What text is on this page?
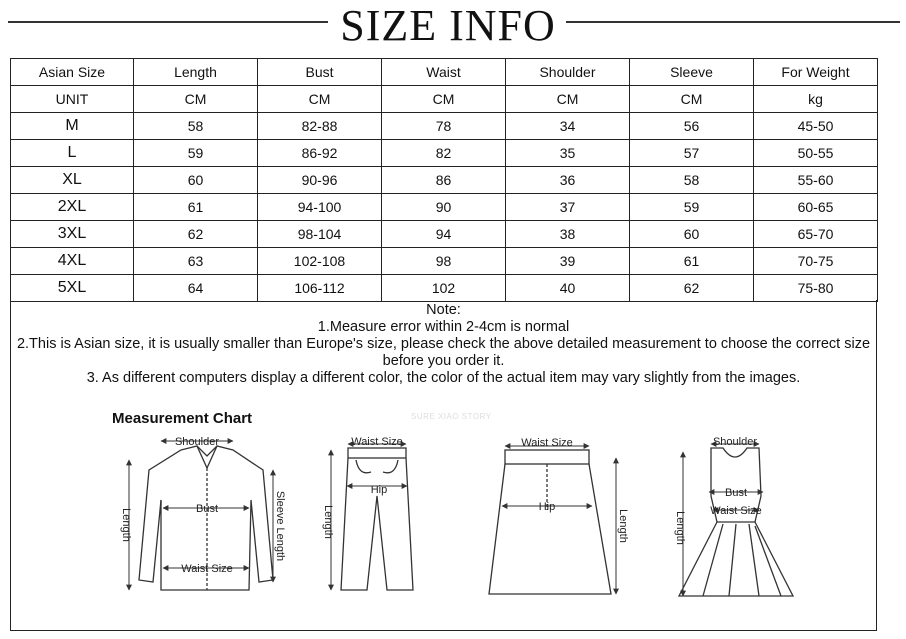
SIZE INFO
Asian Size	Length	Bust	Waist	Shoulder	Sleeve	For Weight
UNIT	CM	CM	CM	CM	CM	kg
M	58	82-88	78	34	56	45-50
L	59	86-92	82	35	57	50-55
XL	60	90-96	86	36	58	55-60
2XL	61	94-100	90	37	59	60-65
3XL	62	98-104	94	38	60	65-70
4XL	63	102-108	98	39	61	70-75
5XL	64	106-112	102	40	62	75-80

Note:

1.Measure error within 2-4cm is normal

2.This is Asian size, it is usually smaller than Europe's size, please check the above detailed measurement to choose the correct size

before you order it.

3. As different computers display a different color, the color of the actual item may vary slightly from the images.

Measurement Chart	SURE XIAO STORY
Shoulder
Bust
Waist Size
Length	Sleeve Length
Waist Size
Hip
Length
Waist Size
Hip
Length
Shoulder
Bust
Waist Size
Length
